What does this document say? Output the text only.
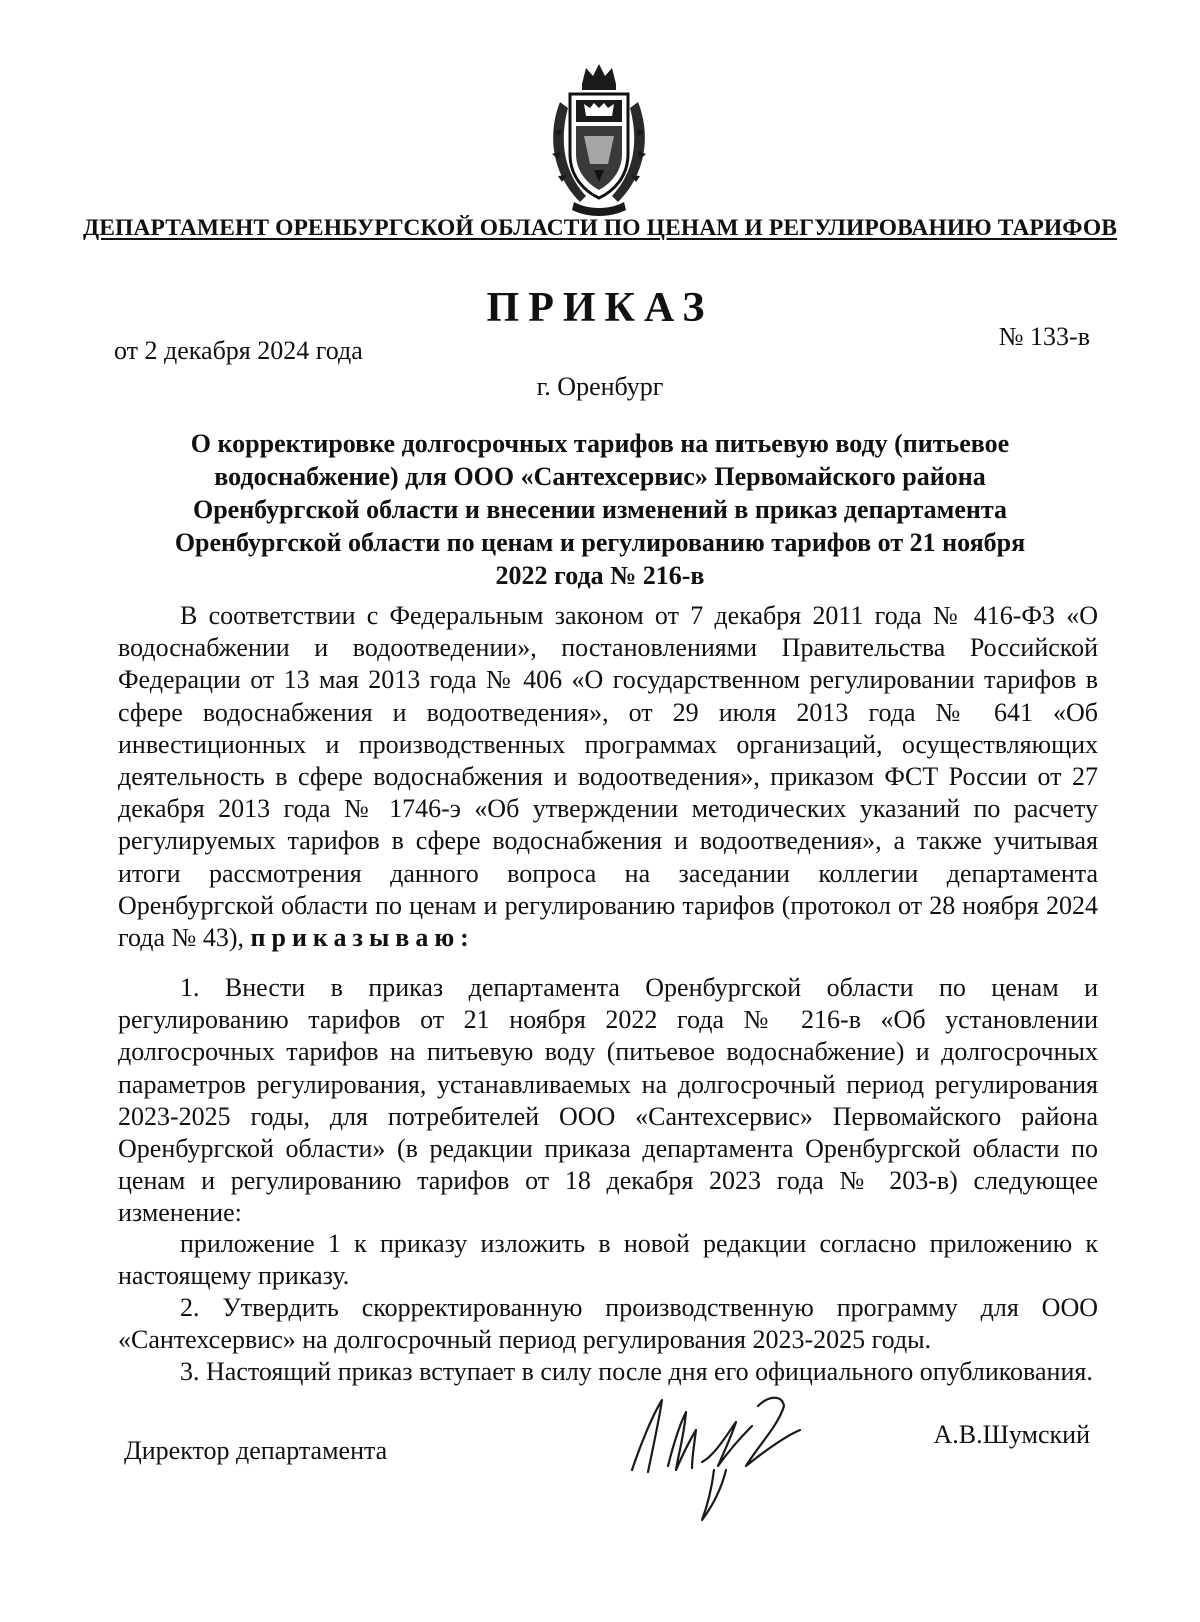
ДЕПАРТАМЕНТ ОРЕНБУРГСКОЙ ОБЛАСТИ ПО ЦЕНАМ И РЕГУЛИРОВАНИЮ ТАРИФОВ
ПРИКАЗ
от 2 декабря 2024 года	№ 133-в
г. Оренбург
О корректировке долгосрочных тарифов на питьевую воду (питьевое водоснабжение) для ООО «Сантехсервис» Первомайского района Оренбургской области и внесении изменений в приказ департамента Оренбургской области по ценам и регулированию тарифов от 21 ноября 2022 года № 216-в

В соответствии с Федеральным законом от 7 декабря 2011 года № 416-ФЗ «О водоснабжении и водоотведении», постановлениями Правительства Российской Федерации от 13 мая 2013 года № 406 «О государственном регулировании тарифов в сфере водоснабжения и водоотведения», от 29 июля 2013 года № 641 «Об инвестиционных и производственных программах организаций, осуществляющих деятельность в сфере водоснабжения и водоотведения», приказом ФСТ России от 27 декабря 2013 года № 1746-э «Об утверждении методических указаний по расчету регулируемых тарифов в сфере водоснабжения и водоотведения», а также учитывая итоги рассмотрения данного вопроса на заседании коллегии департамента Оренбургской области по ценам и регулированию тарифов (протокол от 28 ноября 2024 года № 43), приказываю:

1. Внести в приказ департамента Оренбургской области по ценам и регулированию тарифов от 21 ноября 2022 года № 216-в «Об установлении долгосрочных тарифов на питьевую воду (питьевое водоснабжение) и долгосрочных параметров регулирования, устанавливаемых на долгосрочный период регулирования 2023-2025 годы, для потребителей ООО «Сантехсервис» Первомайского района Оренбургской области» (в редакции приказа департамента Оренбургской области по ценам и регулированию тарифов от 18 декабря 2023 года № 203-в) следующее изменение:

приложение 1 к приказу изложить в новой редакции согласно приложению к настоящему приказу.

2. Утвердить скорректированную производственную программу для ООО «Сантехсервис» на долгосрочный период регулирования 2023-2025 годы.

3. Настоящий приказ вступает в силу после дня его официального опубликования.

Директор департамента
А.В.Шумский
